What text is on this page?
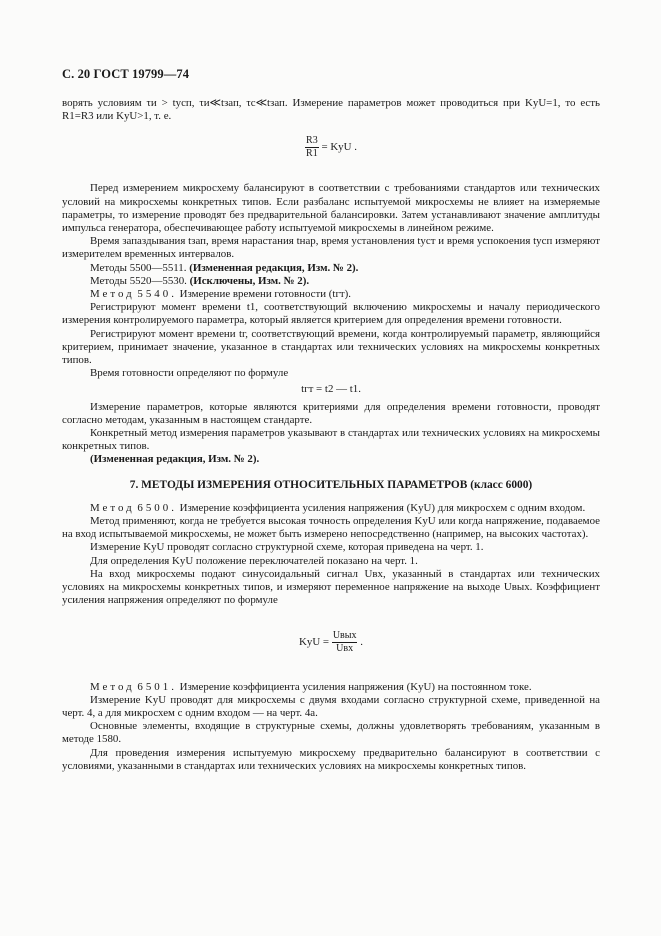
С. 20 ГОСТ 19799—74

ворять условиям τи > tусп, τи≪tзап, τс≪tзап. Измерение параметров может проводиться при KyU=1, то есть R1=R3 или KyU>1, т. е.

$\frac{R3}{R1}$ = KyU .

Перед измерением микросхему балансируют в соответствии с требованиями стандартов или технических условий на микросхемы конкретных типов. Если разбаланс испытуемой микросхемы не влияет на измеряемые параметры, то измерение проводят без предварительной балансировки. Затем устанавливают значение амплитуды импульса генератора, обеспечивающее работу испытуемой микросхемы в линейном режиме.

Время запаздывания tзап, время нарастания tнар, время установления tуст и время успокоения tусп измеряют измерителем временных интервалов.

Методы 5500—5511. (Измененная редакция, Изм. № 2).

Методы 5520—5530. (Исключены, Изм. № 2).

Метод 5540. Измерение времени готовности (tгт).

Регистрируют момент времени t1, соответствующий включению микросхемы и началу периодического измерения контролируемого параметра, который является критерием для определения времени готовности.

Регистрируют момент времени tг, соответствующий времени, когда контролируемый параметр, являющийся критерием, принимает значение, указанное в стандартах или технических условиях на микросхемы конкретных типов.

Время готовности определяют по формуле

tгт = t2 — t1.

Измерение параметров, которые являются критериями для определения времени готовности, проводят согласно методам, указанным в настоящем стандарте.

Конкретный метод измерения параметров указывают в стандартах или технических условиях на микросхемы конкретных типов.

(Измененная редакция, Изм. № 2).

7. МЕТОДЫ ИЗМЕРЕНИЯ ОТНОСИТЕЛЬНЫХ ПАРАМЕТРОВ (класс 6000)

Метод 6500. Измерение коэффициента усиления напряжения (KyU) для микросхем с одним входом.

Метод применяют, когда не требуется высокая точность определения KyU или когда напряжение, подаваемое на вход испытываемой микросхемы, не может быть измерено непосредственно (например, на высоких частотах).

Измерение KyU проводят согласно структурной схеме, которая приведена на черт. 1.

Для определения KyU положение переключателей показано на черт. 1.

На вход микросхемы подают синусоидальный сигнал Uвх, указанный в стандартах или технических условиях на микросхемы конкретных типов, и измеряют переменное напряжение на выходе Uвых. Коэффициент усиления напряжения определяют по формуле

KyU = $\frac{\text{Uвых}}{\text{Uвх}}$ .

Метод 6501. Измерение коэффициента усиления напряжения (KyU) на постоянном токе.

Измерение KyU проводят для микросхемы с двумя входами согласно структурной схеме, приведенной на черт. 4, а для микросхем с одним входом — на черт. 4а.

Основные элементы, входящие в структурные схемы, должны удовлетворять требованиям, указанным в методе 1580.

Для проведения измерения испытуемую микросхему предварительно балансируют в соответствии с условиями, указанными в стандартах или технических условиях на микросхемы конкретных типов.
